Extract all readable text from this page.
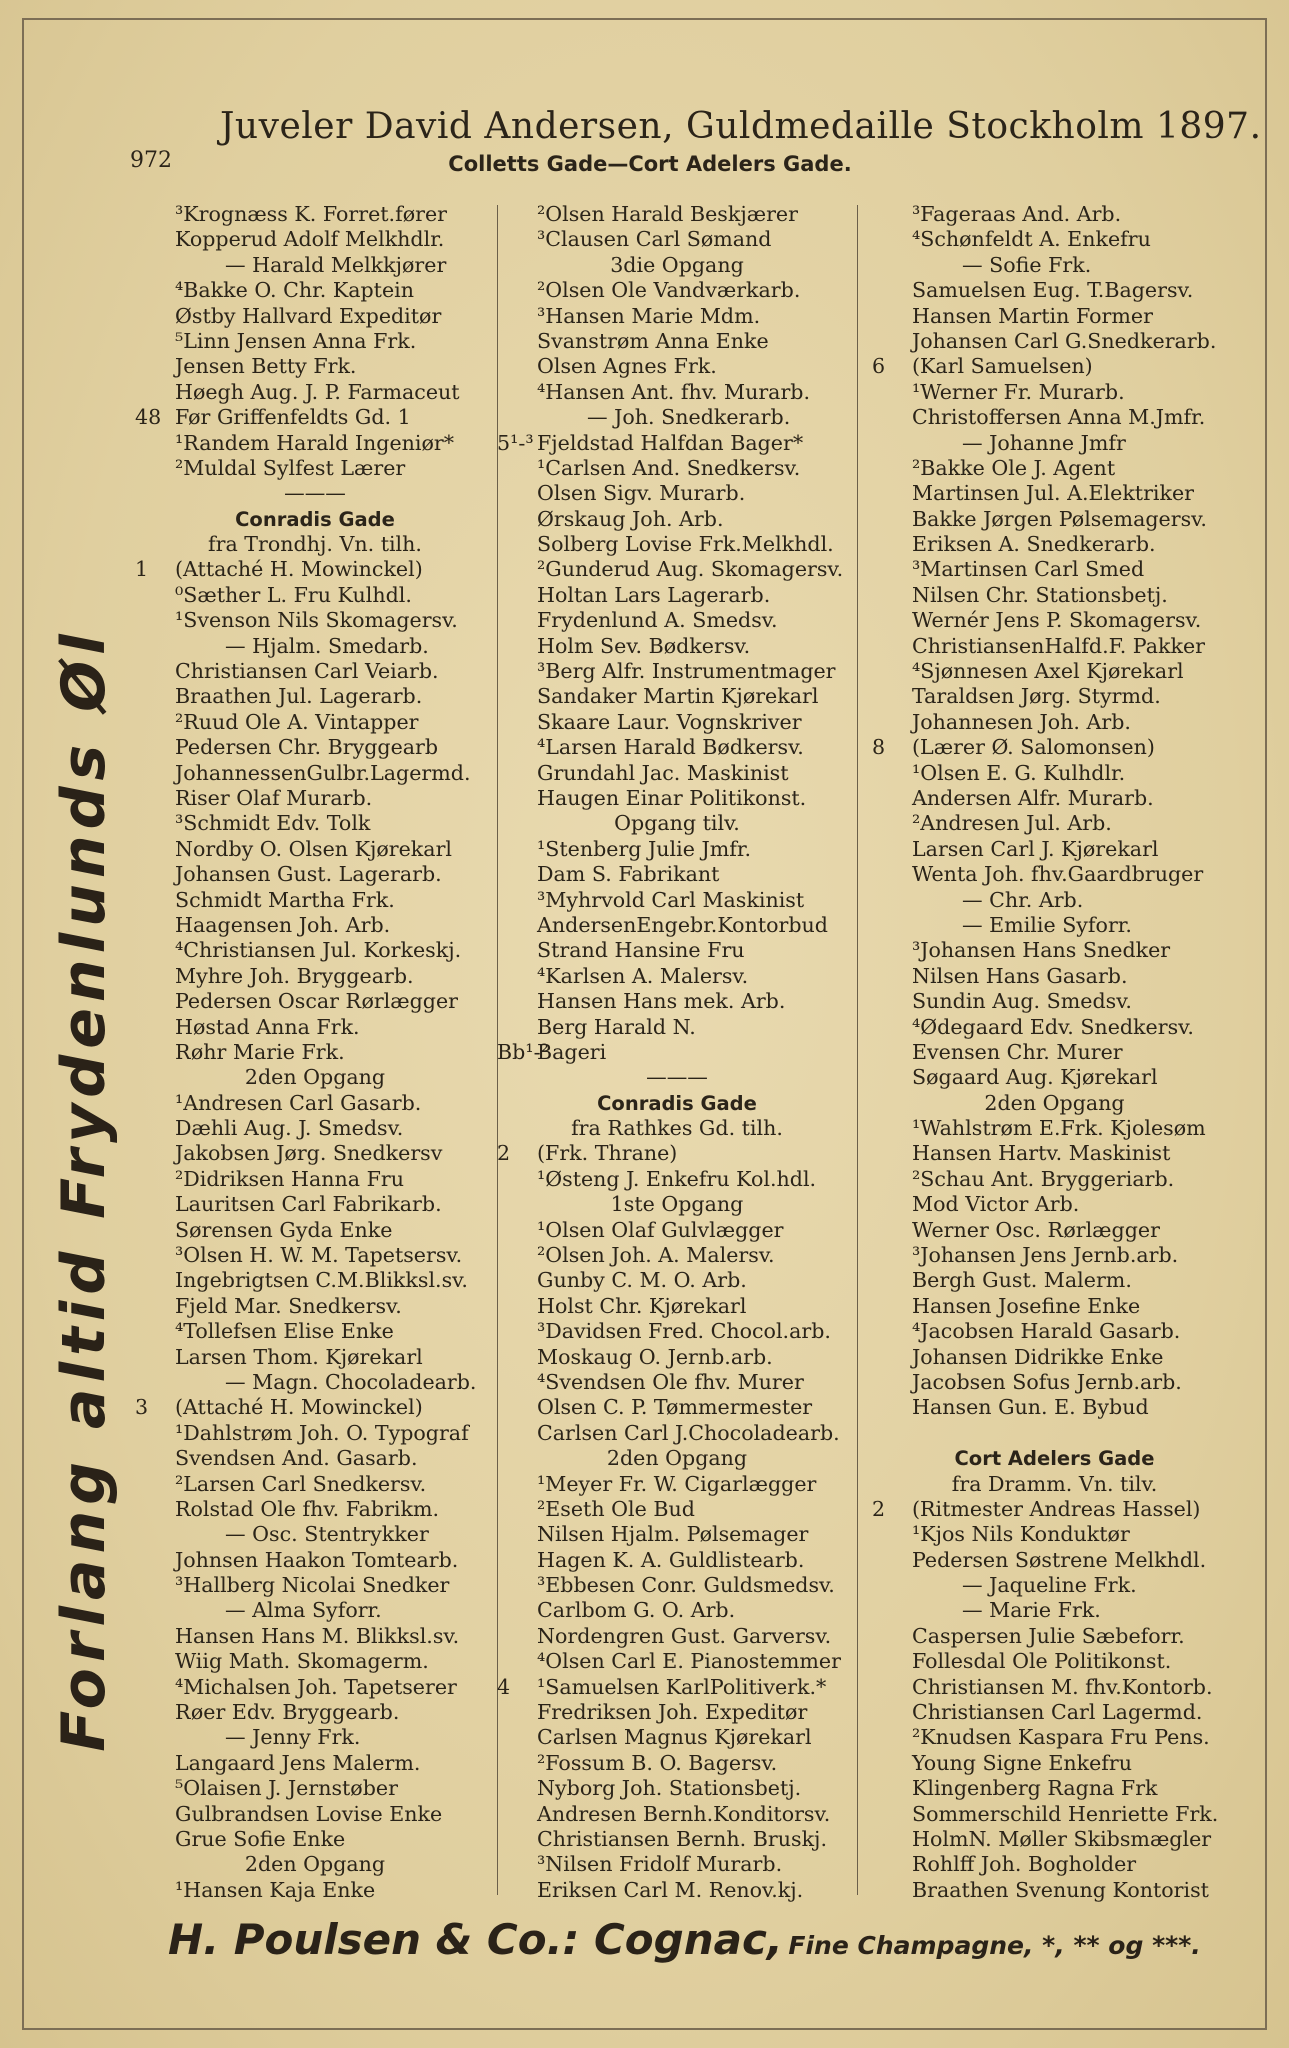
972
Juveler David Andersen, Guldmedaille Stockholm 1897.
Colletts Gade—Cort Adelers Gade.
Forlang altid Frydenlunds Øl
³Krognæss K. Forret.fører
Kopperud Adolf Melkhdlr.
— Harald Melkkjører
⁴Bakke O. Chr. Kaptein
Østby Hallvard Expeditør
⁵Linn Jensen Anna Frk.
Jensen Betty Frk.
Høegh Aug. J. P. Farmaceut
48 Før Griffenfeldts Gd. 1
¹Randem Harald Ingeniør*
²Muldal Sylfest Lærer
———
Conradis Gade
fra Trondhj. Vn. tilh.
1 (Attaché H. Mowinckel)
⁰Sæther L. Fru Kulhdl.
¹Svenson Nils Skomagersv.
— Hjalm. Smedarb.
Christiansen Carl Veiarb.
Braathen Jul. Lagerarb.
²Ruud Ole A. Vintapper
Pedersen Chr. Bryggearb
JohannessenGulbr.Lagermd.
Riser Olaf Murarb.
³Schmidt Edv. Tolk
Nordby O. Olsen Kjørekarl
Johansen Gust. Lagerarb.
Schmidt Martha Frk.
Haagensen Joh. Arb.
⁴Christiansen Jul. Korkeskj.
Myhre Joh. Bryggearb.
Pedersen Oscar Rørlægger
Høstad Anna Frk.
Røhr Marie Frk.
2den Opgang
¹Andresen Carl Gasarb.
Dæhli Aug. J. Smedsv.
Jakobsen Jørg. Snedkersv
²Didriksen Hanna Fru
Lauritsen Carl Fabrikarb.
Sørensen Gyda Enke
³Olsen H. W. M. Tapetsersv.
Ingebrigtsen C.M.Blikksl.sv.
Fjeld Mar. Snedkersv.
⁴Tollefsen Elise Enke
Larsen Thom. Kjørekarl
— Magn. Chocoladearb.
3 (Attaché H. Mowinckel)
¹Dahlstrøm Joh. O. Typograf
Svendsen And. Gasarb.
²Larsen Carl Snedkersv.
Rolstad Ole fhv. Fabrikm.
— Osc. Stentrykker
Johnsen Haakon Tomtearb.
³Hallberg Nicolai Snedker
— Alma Syforr.
Hansen Hans M. Blikksl.sv.
Wiig Math. Skomagerm.
⁴Michalsen Joh. Tapetserer
Røer Edv. Bryggearb.
— Jenny Frk.
Langaard Jens Malerm.
⁵Olaisen J. Jernstøber
Gulbrandsen Lovise Enke
Grue Sofie Enke
2den Opgang
¹Hansen Kaja Enke
²Olsen Harald Beskjærer
³Clausen Carl Sømand
3die Opgang
²Olsen Ole Vandværkarb.
³Hansen Marie Mdm.
Svanstrøm Anna Enke
Olsen Agnes Frk.
⁴Hansen Ant. fhv. Murarb.
— Joh. Snedkerarb.
5¹-³ Fjeldstad Halfdan Bager*
¹Carlsen And. Snedkersv.
Olsen Sigv. Murarb.
Ørskaug Joh. Arb.
Solberg Lovise Frk.Melkhdl.
²Gunderud Aug. Skomagersv.
Holtan Lars Lagerarb.
Frydenlund A. Smedsv.
Holm Sev. Bødkersv.
³Berg Alfr. Instrumentmager
Sandaker Martin Kjørekarl
Skaare Laur. Vognskriver
⁴Larsen Harald Bødkersv.
Grundahl Jac. Maskinist
Haugen Einar Politikonst.
Opgang tilv.
¹Stenberg Julie Jmfr.
Dam S. Fabrikant
³Myhrvold Carl Maskinist
AndersenEngebr.Kontorbud
Strand Hansine Fru
⁴Karlsen A. Malersv.
Hansen Hans mek. Arb.
Berg Harald N.
Bb¹-²
Bageri
———
Conradis Gade
fra Rathkes Gd. tilh.
2 (Frk. Thrane)
¹Østeng J. Enkefru Kol.hdl.
1ste Opgang
¹Olsen Olaf Gulvlægger
²Olsen Joh. A. Malersv.
Gunby C. M. O. Arb.
Holst Chr. Kjørekarl
³Davidsen Fred. Chocol.arb.
Moskaug O. Jernb.arb.
⁴Svendsen Ole fhv. Murer
Olsen C. P. Tømmermester
Carlsen Carl J.Chocoladearb.
2den Opgang
¹Meyer Fr. W. Cigarlægger
²Eseth Ole Bud
Nilsen Hjalm. Pølsemager
Hagen K. A. Guldlistearb.
³Ebbesen Conr. Guldsmedsv.
Carlbom G. O. Arb.
Nordengren Gust. Garversv.
⁴Olsen Carl E. Pianostemmer
4 ¹Samuelsen KarlPolitiverk.*
Fredriksen Joh. Expeditør
Carlsen Magnus Kjørekarl
²Fossum B. O. Bagersv.
Nyborg Joh. Stationsbetj.
Andresen Bernh.Konditorsv.
Christiansen Bernh. Bruskj.
³Nilsen Fridolf Murarb.
Eriksen Carl M. Renov.kj.
³Fageraas And. Arb.
⁴Schønfeldt A. Enkefru
— Sofie Frk.
Samuelsen Eug. T.Bagersv.
Hansen Martin Former
Johansen Carl G.Snedkerarb.
6 (Karl Samuelsen)
¹Werner Fr. Murarb.
Christoffersen Anna M.Jmfr.
— Johanne Jmfr
²Bakke Ole J. Agent
Martinsen Jul. A.Elektriker
Bakke Jørgen Pølsemagersv.
Eriksen A. Snedkerarb.
³Martinsen Carl Smed
Nilsen Chr. Stationsbetj.
Wernér Jens P. Skomagersv.
ChristiansenHalfd.F. Pakker
⁴Sjønnesen Axel Kjørekarl
Taraldsen Jørg. Styrmd.
Johannesen Joh. Arb.
8 (Lærer Ø. Salomonsen)
¹Olsen E. G. Kulhdlr.
Andersen Alfr. Murarb.
²Andresen Jul. Arb.
Larsen Carl J. Kjørekarl
Wenta Joh. fhv.Gaardbruger
— Chr. Arb.
— Emilie Syforr.
³Johansen Hans Snedker
Nilsen Hans Gasarb.
Sundin Aug. Smedsv.
⁴Ødegaard Edv. Snedkersv.
Evensen Chr. Murer
Søgaard Aug. Kjørekarl
2den Opgang
¹Wahlstrøm E.Frk. Kjolesøm
Hansen Hartv. Maskinist
²Schau Ant. Bryggeriarb.
Mod Victor Arb.
Werner Osc. Rørlægger
³Johansen Jens Jernb.arb.
Bergh Gust. Malerm.
Hansen Josefine Enke
⁴Jacobsen Harald Gasarb.
Johansen Didrikke Enke
Jacobsen Sofus Jernb.arb.
Hansen Gun. E. Bybud
Cort Adelers Gade
fra Dramm. Vn. tilv.
2 (Ritmester Andreas Hassel)
¹Kjos Nils Konduktør
Pedersen Søstrene Melkhdl.
— Jaqueline Frk.
— Marie Frk.
Caspersen Julie Sæbeforr.
Follesdal Ole Politikonst.
Christiansen M. fhv.Kontorb.
Christiansen Carl Lagermd.
²Knudsen Kaspara Fru Pens.
Young Signe Enkefru
Klingenberg Ragna Frk
Sommerschild Henriette Frk.
HolmN. Møller Skibsmægler
Rohlff Joh. Bogholder
Braathen Svenung Kontorist
H. Poulsen & Co.: Cognac, Fine Champagne, *, ** og ***.
